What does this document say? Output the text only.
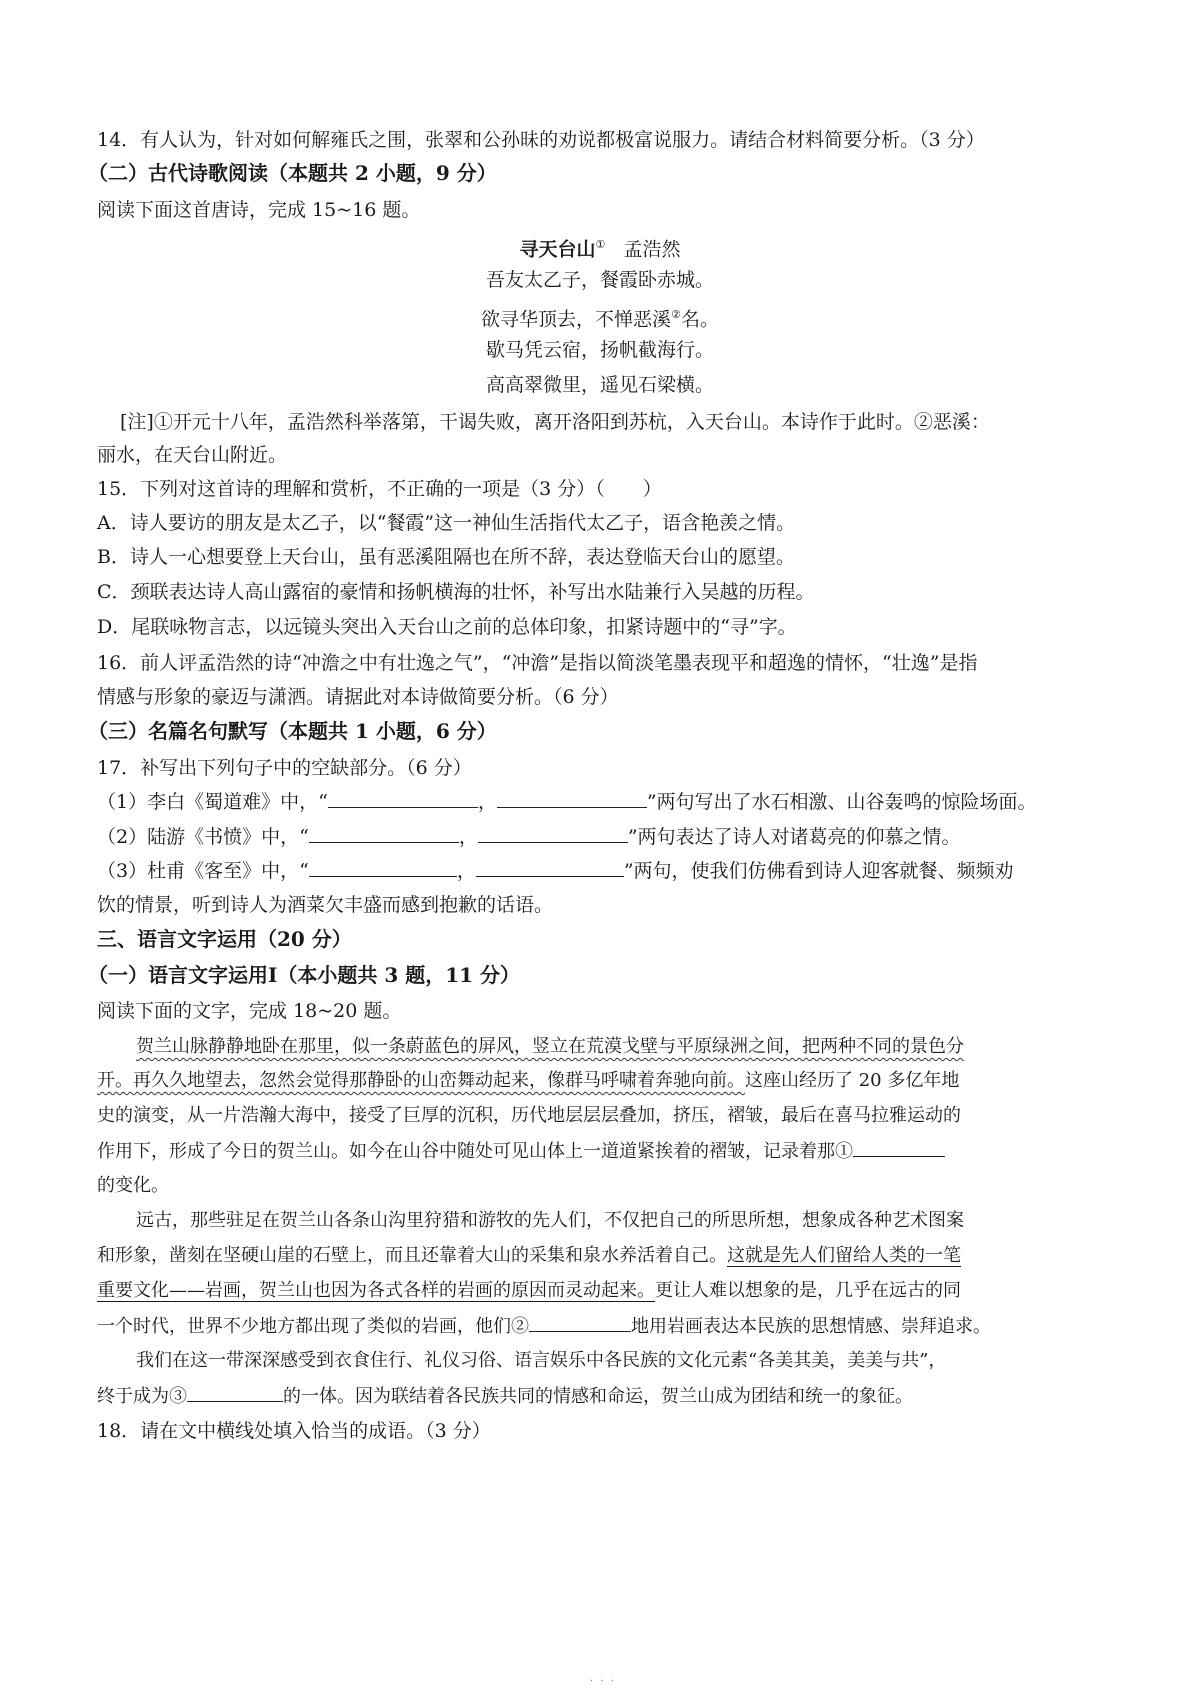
14．有人认为，针对如何解雍氏之围，张翠和公孙昧的劝说都极富说服力。请结合材料简要分析。（3 分）
（二）古代诗歌阅读（本题共 2 小题，9 分）
阅读下面这首唐诗，完成 15~16 题。
寻天台山① 孟浩然
吾友太乙子，餐霞卧赤城。
欲寻华顶去，不惮恶溪②名。
歇马凭云宿，扬帆截海行。
高高翠微里，遥见石梁横。
[注]①开元十八年，孟浩然科举落第，干谒失败，离开洛阳到苏杭，入天台山。本诗作于此时。②恶溪：
丽水，在天台山附近。
15．下列对这首诗的理解和赏析，不正确的一项是（3 分）（　　）
A．诗人要访的朋友是太乙子，以“餐霞”这一神仙生活指代太乙子，语含艳羡之情。
B．诗人一心想要登上天台山，虽有恶溪阻隔也在所不辞，表达登临天台山的愿望。
C．颈联表达诗人高山露宿的豪情和扬帆横海的壮怀，补写出水陆兼行入吴越的历程。
D．尾联咏物言志，以远镜头突出入天台山之前的总体印象，扣紧诗题中的“寻”字。
16．前人评孟浩然的诗“冲澹之中有壮逸之气”，“冲澹”是指以简淡笔墨表现平和超逸的情怀，“壮逸”是指
情感与形象的豪迈与潇洒。请据此对本诗做简要分析。（6 分）
（三）名篇名句默写（本题共 1 小题，6 分）
17．补写出下列句子中的空缺部分。（6 分）
（1）李白《蜀道难》中，“	，	”两句写出了水石相激、山谷轰鸣的惊险场面。
（2）陆游《书愤》中，“	，	”两句表达了诗人对诸葛亮的仰慕之情。
（3）杜甫《客至》中，“	，	”两句，使我们仿佛看到诗人迎客就餐、频频劝
饮的情景，听到诗人为酒菜欠丰盛而感到抱歉的话语。
三、语言文字运用（20 分）
（一）语言文字运用Ⅰ（本小题共 3 题，11 分）
阅读下面的文字，完成 18~20 题。
贺兰山脉静静地卧在那里，似一条蔚蓝色的屏风，竖立在荒漠戈壁与平原绿洲之间，把两种不同的景色分
开。再久久地望去，忽然会觉得那静卧的山峦舞动起来，像群马呼啸着奔驰向前。这座山经历了 20 多亿年地
史的演变，从一片浩瀚大海中，接受了巨厚的沉积，历代地层层层叠加，挤压，褶皱，最后在喜马拉雅运动的
作用下，形成了今日的贺兰山。如今在山谷中随处可见山体上一道道紧挨着的褶皱，记录着那①
的变化。
远古，那些驻足在贺兰山各条山沟里狩猎和游牧的先人们，不仅把自己的所思所想，想象成各种艺术图案
和形象，凿刻在坚硬山崖的石壁上，而且还靠着大山的采集和泉水养活着自己。这就是先人们留给人类的一笔
重要文化——岩画，贺兰山也因为各式各样的岩画的原因而灵动起来。更让人难以想象的是，几乎在远古的同
一个时代，世界不少地方都出现了类似的岩画，他们②	地用岩画表达本民族的思想情感、崇拜追求。
我们在这一带深深感受到衣食住行、礼仪习俗、语言娱乐中各民族的文化元素“各美其美，美美与共”，
终于成为③	的一体。因为联结着各民族共同的情感和命运，贺兰山成为团结和统一的象征。
18．请在文中横线处填入恰当的成语。（3 分）
· · ·
